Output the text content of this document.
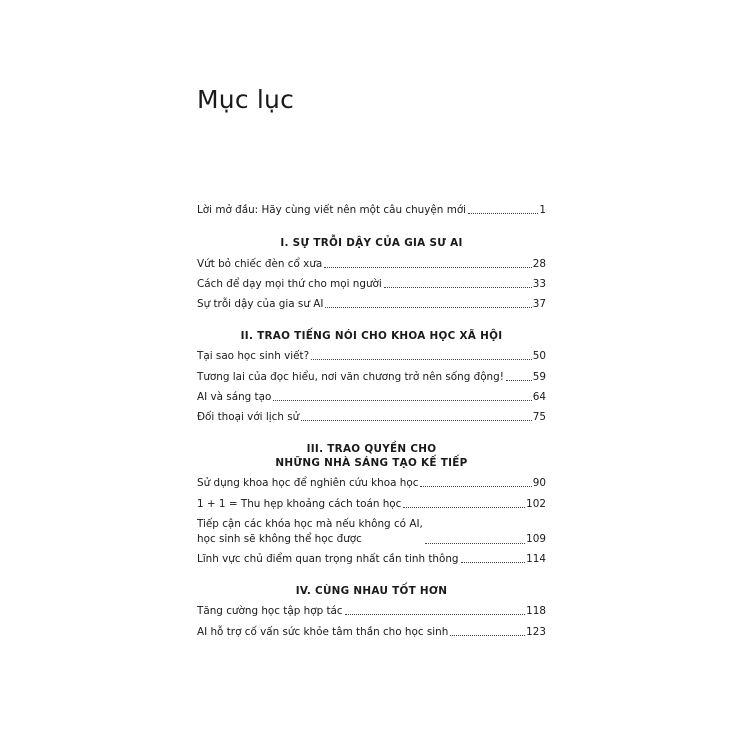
Mục lục
Lời mở đầu: Hãy cùng viết nên một câu chuyện mới	1
I. SỰ TRỖI DẬY CỦA GIA SƯ AI
Vứt bỏ chiếc đèn cổ xưa	28
Cách để dạy mọi thứ cho mọi người	33
Sự trỗi dậy của gia sư AI	37
II. TRAO TIẾNG NÓI CHO KHOA HỌC XÃ HỘI
Tại sao học sinh viết?	50
Tương lai của đọc hiểu, nơi văn chương trở nên sống động!	59
AI và sáng tạo	64
Đối thoại với lịch sử	75
III. TRAO QUYỀN CHO
NHỮNG NHÀ SÁNG TẠO KẾ TIẾP
Sử dụng khoa học để nghiên cứu khoa học	90
1 + 1 = Thu hẹp khoảng cách toán học	102
Tiếp cận các khóa học mà nếu không có AI,
học sinh sẽ không thể học được	109
Lĩnh vực chủ điểm quan trọng nhất cần tinh thông	114
IV. CÙNG NHAU TỐT HƠN
Tăng cường học tập hợp tác	118
AI hỗ trợ cố vấn sức khỏe tâm thần cho học sinh	123
